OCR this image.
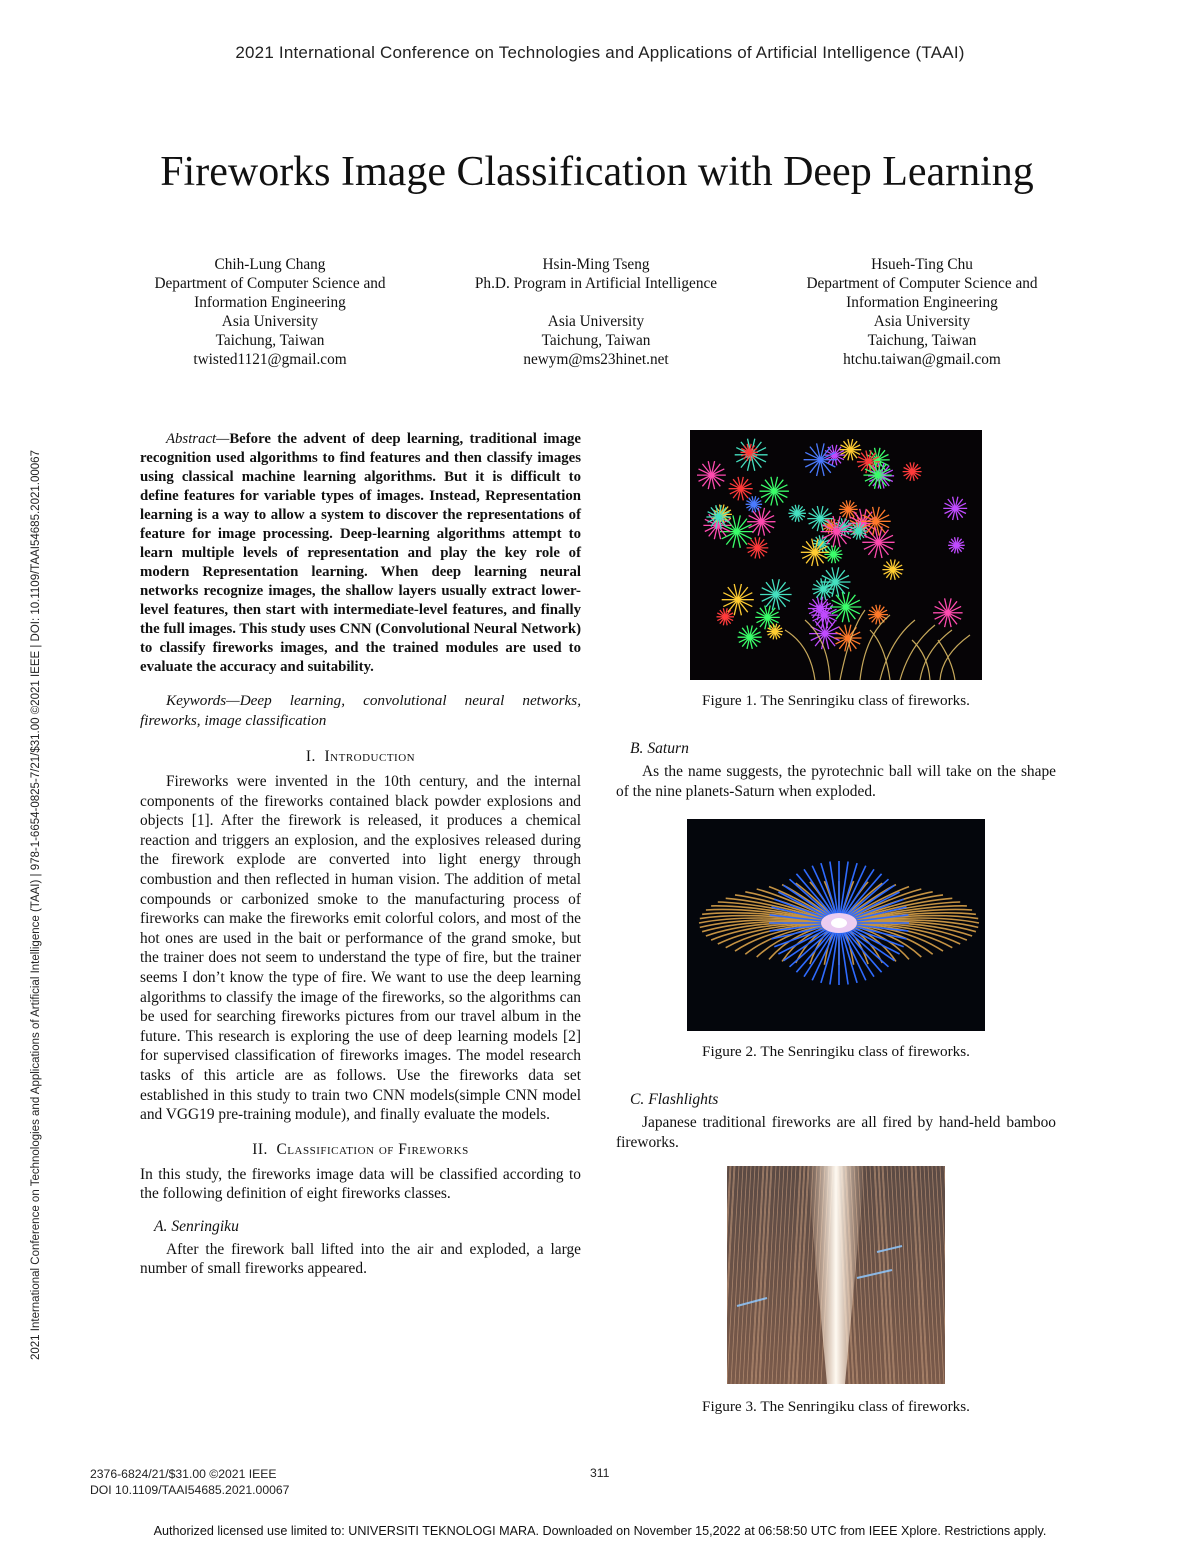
2021 International Conference on Technologies and Applications of Artificial Intelligence (TAAI)
2021 International Conference on Technologies and Applications of Artificial Intelligence (TAAI) | 978-1-6654-0825-7/21/$31.00 ©2021 IEEE | DOI: 10.1109/TAAI54685.2021.00067
Fireworks Image Classification with Deep Learning
Chih-Lung Chang
Department of Computer Science and
Information Engineering
Asia University
Taichung, Taiwan
twisted1121@gmail.com
Hsin-Ming Tseng
Ph.D. Program in Artificial Intelligence

Asia University
Taichung, Taiwan
newym@ms23hinet.net
Hsueh-Ting Chu
Department of Computer Science and
Information Engineering
Asia University
Taichung, Taiwan
htchu.taiwan@gmail.com

Abstract—Before the advent of deep learning, traditional image recognition used algorithms to find features and then classify images using classical machine learning algorithms. But it is difficult to define features for variable types of images. Instead, Representation learning is a way to allow a system to discover the representations of feature for image processing. Deep-learning algorithms attempt to learn multiple levels of representation and play the key role of modern Representation learning. When deep learning neural networks recognize images, the shallow layers usually extract lower-level features, then start with intermediate-level features, and finally the full images. This study uses CNN (Convolutional Neural Network) to classify fireworks images, and the trained modules are used to evaluate the accuracy and suitability.

Keywords—Deep learning, convolutional neural networks, fireworks, image classification

I. Introduction

Fireworks were invented in the 10th century, and the internal components of the fireworks contained black powder explosions and objects [1]. After the firework is released, it produces a chemical reaction and triggers an explosion, and the explosives released during the firework explode are converted into light energy through combustion and then reflected in human vision. The addition of metal compounds or carbonized smoke to the manufacturing process of fireworks can make the fireworks emit colorful colors, and most of the hot ones are used in the bait or performance of the grand smoke, but the trainer does not seem to understand the type of fire, but the trainer seems I don’t know the type of fire. We want to use the deep learning algorithms to classify the image of the fireworks, so the algorithms can be used for searching fireworks pictures from our travel album in the future. This research is exploring the use of deep learning models [2] for supervised classification of fireworks images. The model research tasks of this article are as follows. Use the fireworks data set established in this study to train two CNN models(simple CNN model and VGG19 pre-training module), and finally evaluate the models.

II. Classification of Fireworks

In this study, the fireworks image data will be classified according to the following definition of eight fireworks classes.

A. Senringiku

After the firework ball lifted into the air and exploded, a large number of small fireworks appeared.

Figure 1. The Senringiku class of fireworks.
B. Saturn

As the name suggests, the pyrotechnic ball will take on the shape of the nine planets-Saturn when exploded.

Figure 2. The Senringiku class of fireworks.
C. Flashlights

Japanese traditional fireworks are all fired by hand-held bamboo fireworks.

Figure 3. The Senringiku class of fireworks.
2376-6824/21/$31.00 ©2021 IEEE
DOI 10.1109/TAAI54685.2021.00067
311
Authorized licensed use limited to: UNIVERSITI TEKNOLOGI MARA. Downloaded on November 15,2022 at 06:58:50 UTC from IEEE Xplore. Restrictions apply.
